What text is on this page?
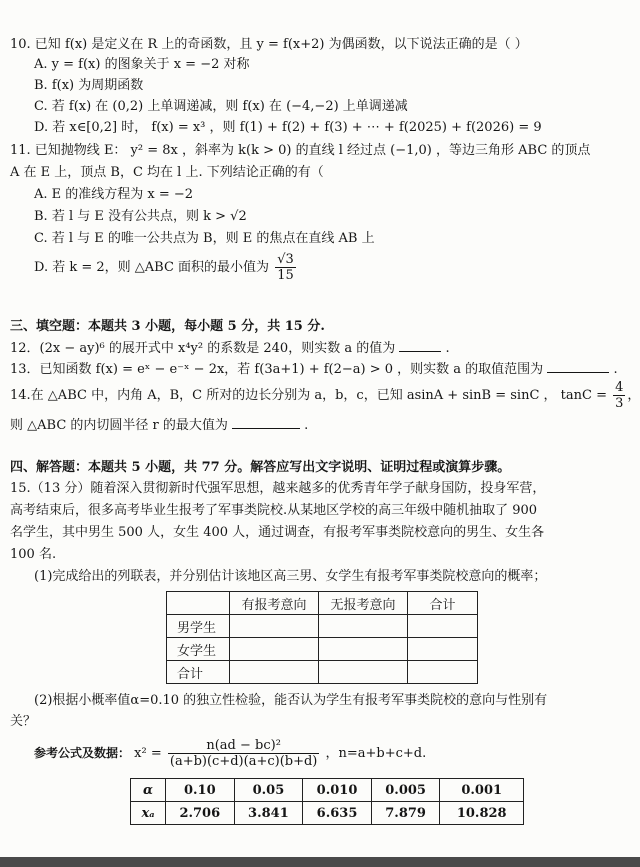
10. 已知 f(x) 是定义在 R 上的奇函数，且 y = f(x+2) 为偶函数，以下说法正确的是（ ）
A. y = f(x) 的图象关于 x = −2 对称
B. f(x) 为周期函数
C. 若 f(x) 在 (0,2) 上单调递减，则 f(x) 在 (−4,−2) 上单调递减
D. 若 x∈[0,2] 时， f(x) = x³ ，则 f(1) + f(2) + f(3) + ⋯ + f(2025) + f(2026) = 9
11. 已知抛物线 E： y² = 8x ，斜率为 k(k > 0) 的直线 l 经过点 (−1,0) ，等边三角形 ABC 的顶点
A 在 E 上，顶点 B，C 均在 l 上. 下列结论正确的有（
A. E 的准线方程为 x = −2
B. 若 l 与 E 没有公共点，则 k > √2
C. 若 l 与 E 的唯一公共点为 B，则 E 的焦点在直线 AB 上
D. 若 k = 2，则 △ABC 面积的最小值为 $\frac{√3}{15}$
三、填空题：本题共 3 小题，每小题 5 分，共 15 分.
12．(2x − ay)⁶ 的展开式中 x⁴y² 的系数是 240，则实数 a 的值为	.
13．已知函数 f(x) = eˣ − e⁻ˣ − 2x，若 f(3a+1) + f(2−a) > 0 ，则实数 a 的取值范围为	.
14.在 △ABC 中，内角 A，B，C 所对的边长分别为 a，b，c，已知 asinA + sinB = sinC ， $\tan C = \frac{4}{3}$ ，
则 △ABC 的内切圆半径 r 的最大值为	.
四、解答题：本题共 5 小题，共 77 分。解答应写出文字说明、证明过程或演算步骤。
15.（13 分）随着深入贯彻新时代强军思想，越来越多的优秀青年学子献身国防，投身军营，
高考结束后，很多高考毕业生报考了军事类院校.从某地区学校的高三年级中随机抽取了 900
名学生，其中男生 500 人，女生 400 人，通过调查，有报考军事类院校意向的男生、女生各
100 名.
(1)完成给出的列联表，并分别估计该地区高三男、女学生有报考军事类院校意向的概率；
	有报考意向	无报考意向	合计
男学生			
女学生			
合计			
(2)根据小概率值α=0.10 的独立性检验，能否认为学生有报考军事类院校的意向与性别有
关？
参考公式及数据： $x^2 = \frac{\text{n(ad − bc)²}}{(a+b)(c+d)(a+c)(b+d)}$ ，n=a+b+c+d.
α	0.10	0.05	0.010	0.005	0.001
xₐ	2.706	3.841	6.635	7.879	10.828
